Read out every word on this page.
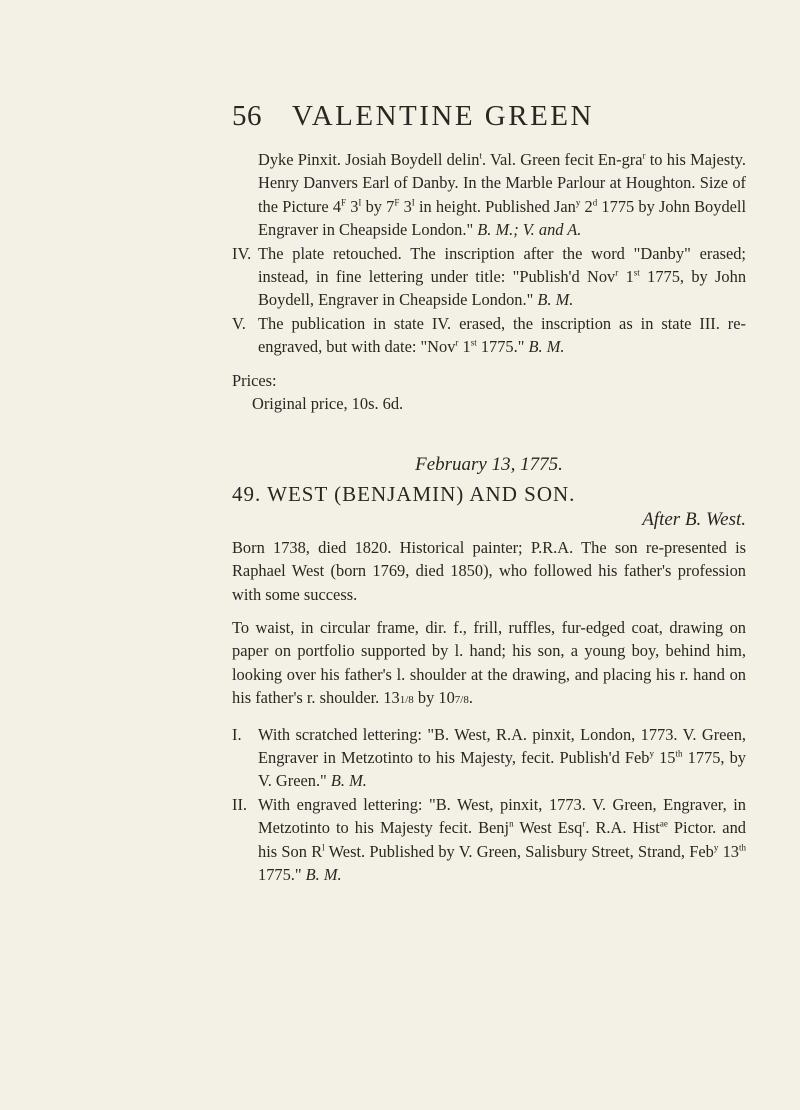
56 VALENTINE GREEN

Dyke Pinxit. Josiah Boydell delin$^t$. Val. Green fecit En-gra$^r$ to his Majesty. Henry Danvers Earl of Danby. In the Marble Parlour at Houghton. Size of the Picture $4^F$ $3^I$ by $7^F$ $3^I$ in height. Published Jan$^y$ 2$^d$ 1775 by John Boydell Engraver in Cheapside London." B. M.; V. and A.

IV. The plate retouched. The inscription after the word "Danby" erased; instead, in fine lettering under title: "Publish'd Nov$^r$ 1st 1775, by John Boydell, Engraver in Cheapside London." B. M.

V. The publication in state IV. erased, the inscription as in state III. re-engraved, but with date: "Nov$^r$ 1st 1775." B. M.

Prices:

Original price, 10s. 6d.

February 13, 1775.

49. WEST (BENJAMIN) AND SON.

After B. West.

Born 1738, died 1820. Historical painter; P.R.A. The son re-presented is Raphael West (born 1769, died 1850), who followed his father's profession with some success.

To waist, in circular frame, dir. f., frill, ruffles, fur-edged coat, drawing on paper on portfolio supported by l. hand; his son, a young boy, behind him, looking over his father's l. shoulder at the drawing, and placing his r. hand on his father's r. shoulder. 131/8 by 107/8.

I. With scratched lettering: "B. West, R.A. pinxit, London, 1773. V. Green, Engraver in Metzotinto to his Majesty, fecit. Publish'd Feb$^y$ 15th 1775, by V. Green." B. M.

II. With engraved lettering: "B. West, pinxit, 1773. V. Green, Engraver, in Metzotinto to his Majesty fecit. Benj$^n$ West Esq$^r$. R.A. Hist$^{ae}$ Pictor. and his Son $R^l$ West. Published by V. Green, Salisbury Street, Strand, Feb$^y$ 13th 1775." B. M.
